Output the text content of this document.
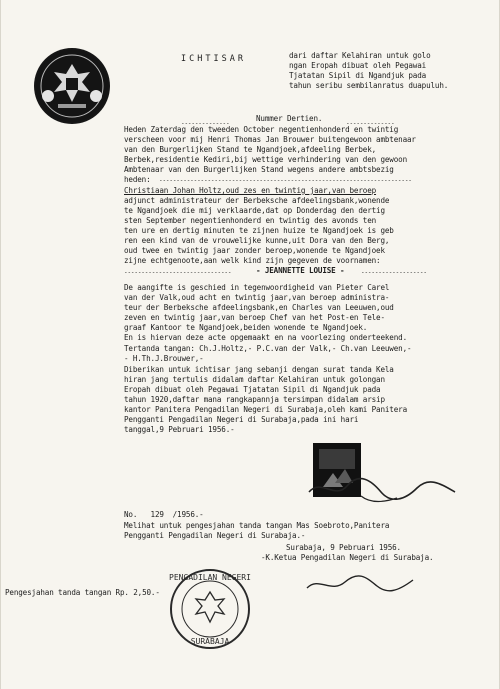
ICHTISAR	dari daftar Kelahiran untuk golo
ngan Eropah dibuat oleh Pegawai
Tjatatan Sipil di Ngandjuk pada
tahun seribu sembilanratus duapuluh.
Nummer Dertien.
--------------	--------------
Heden Zaterdag den tweeden October negentienhonderd en twintig
verscheen voor mij Henri Thomas Jan Brouwer buitengewoon ambtenaar
van den Burgerlijken Stand te Ngandjoek,afdeeling Berbek,
Berbek,residentie Kediri,bij wettige verhindering van den gewoon
Ambtenaar van den Burgerlijken Stand wegens andere ambtsbezig
heden: -------------------------------------------------------------------------
Christiaan Johan Holtz,oud zes en twintig jaar,van beroep
adjunct administrateur der Berbeksche afdeelingsbank,wonende
te Ngandjoek die mij verklaarde,dat op Donderdag den dertig
sten September negentienhonderd en twintig des avonds ten
ten ure en dertig minuten te zijnen huize te Ngandjoek is geb
ren een kind van de vrouwelijke kunne,uit Dora van den Berg,
oud twee en twintig jaar zonder beroep,wonende te Ngandjoek
zijne echtgenoote,aan welk kind zijn gegeven de voornamen:
-------------------------------	- JEANNETTE LOUISE -	-------------------
De aangifte is geschied in tegenwoordigheid van Pieter Carel
van der Valk,oud acht en twintig jaar,van beroep administra-
teur der Berbeksche afdeelingsbank,en Charles van Leeuwen,oud
zeven en twintig jaar,van beroep Chef van het Post-en Tele-
graaf Kantoor te Ngandjoek,beiden wonende te Ngandjoek.
En is hiervan deze acte opgemaakt en na voorlezing onderteekend.
Tertanda tangan: Ch.J.Holtz,- P.C.van der Valk,- Ch.van Leeuwen,-
- H.Th.J.Brouwer,-
Diberikan untuk ichtisar jang sebanji dengan surat tanda Kela
hiran jang tertulis didalam daftar Kelahiran untuk golongan
Eropah dibuat oleh Pegawai Tjatatan Sipil di Ngandjuk pada
tahun 1920,daftar mana rangkapannja tersimpan didalam arsip
kantor Panitera Pengadilan Negeri di Surabaja,oleh kami Panitera
Pengganti Pengadilan Negeri di Surabaja,pada ini hari
tanggal,9 Pebruari 1956.-
No.   129  /1956.-
Melihat untuk pengesjahan tanda tangan Mas Soebroto,Panitera
Pengganti Pengadilan Negeri di Surabaja.-
Surabaja, 9 Pebruari 1956.
-K.Ketua Pengadilan Negeri di Surabaja.
Pengesjahan tanda tangan Rp. 2,50.-
PENGADILAN NEGERI
SURABAJA
